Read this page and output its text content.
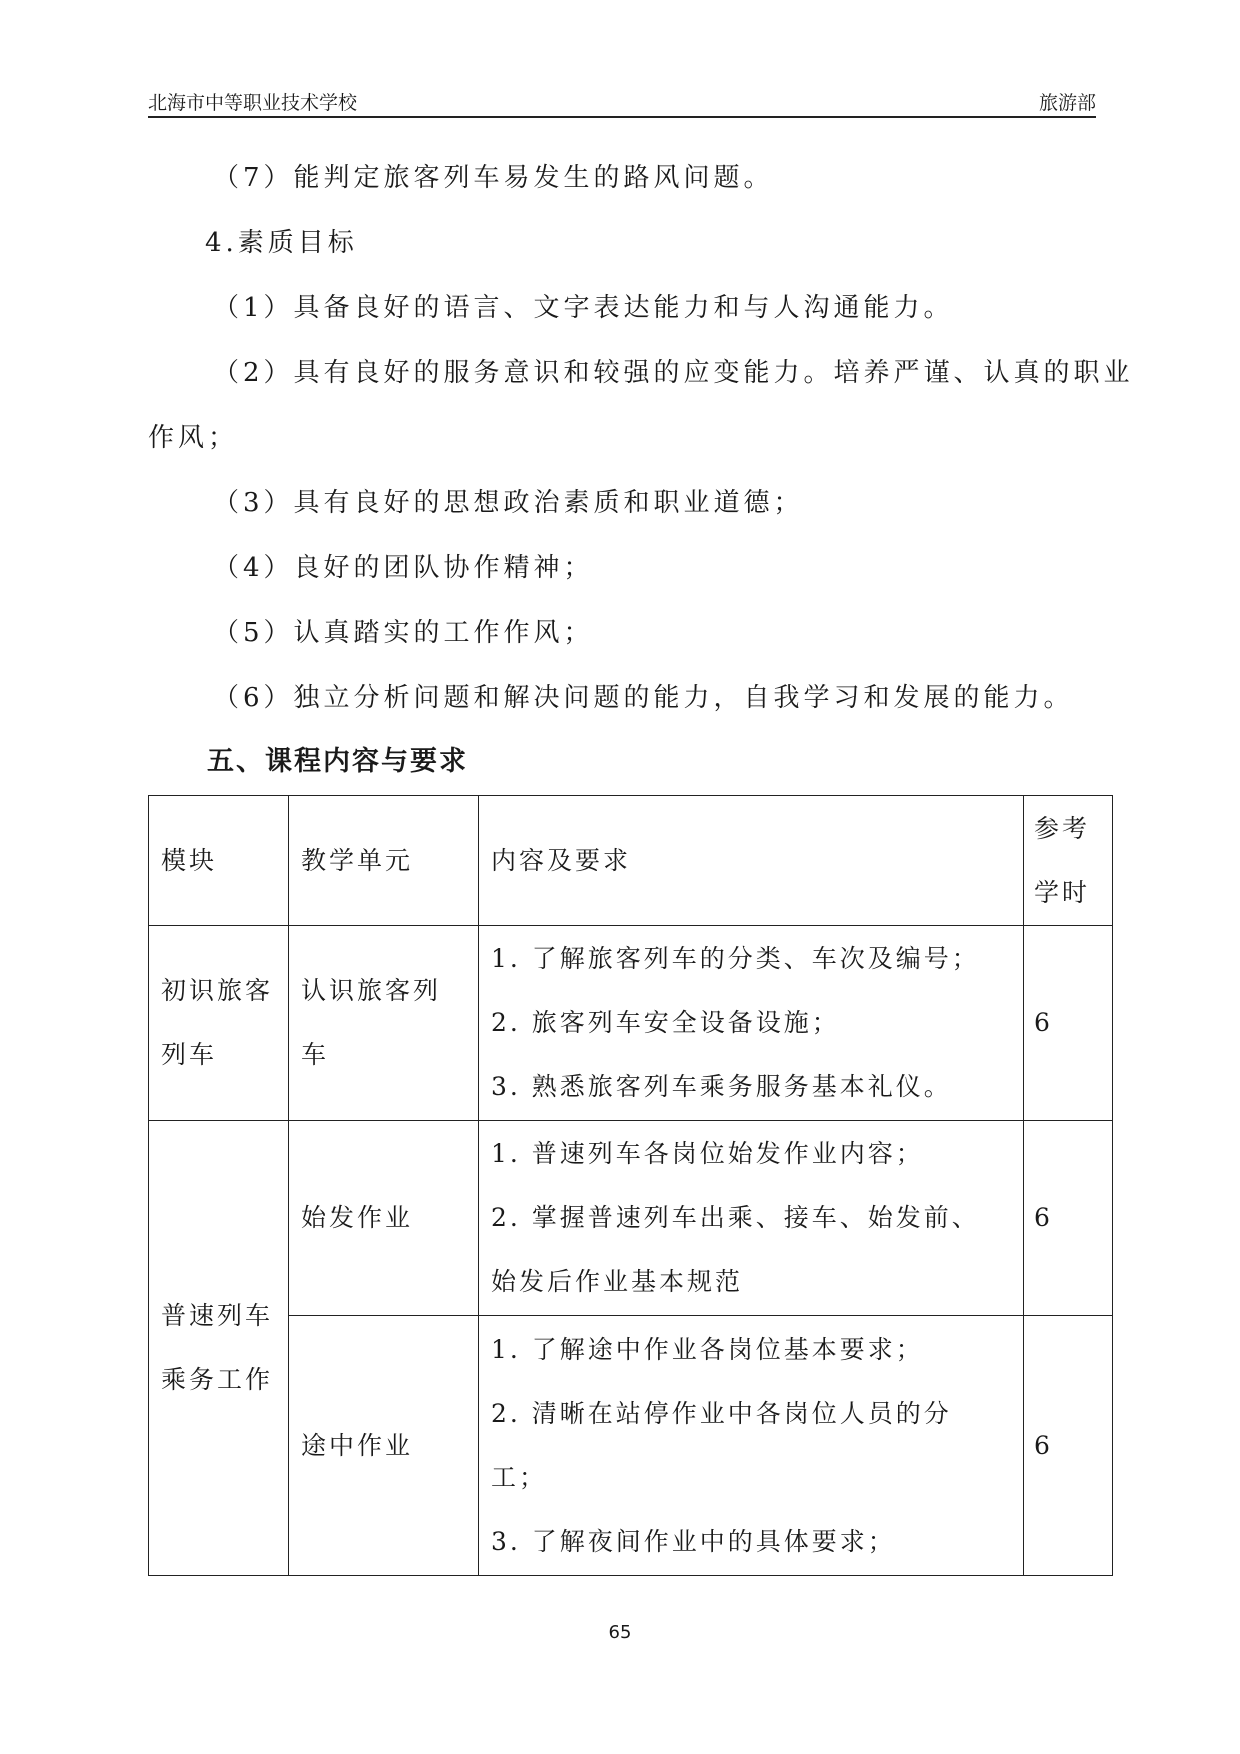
北海市中等职业技术学校	旅游部
（7）能判定旅客列车易发生的路风问题。
4.素质目标
（1）具备良好的语言、文字表达能力和与人沟通能力。
（2）具有良好的服务意识和较强的应变能力。培养严谨、认真的职业
作风；
（3）具有良好的思想政治素质和职业道德；
（4）良好的团队协作精神；
（5）认真踏实的工作作风；
（6）独立分析问题和解决问题的能力，自我学习和发展的能力。
五、课程内容与要求
模块	教学单元	内容及要求	参考
学时

初识旅客
列车	认识旅客列
车	1. 了解旅客列车的分类、车次及编号；
2. 旅客列车安全设备设施；
3. 熟悉旅客列车乘务服务基本礼仪。	6

普速列车
乘务工作	始发作业	1. 普速列车各岗位始发作业内容；
2. 掌握普速列车出乘、接车、始发前、
始发后作业基本规范	6

	途中作业	1. 了解途中作业各岗位基本要求；
2. 清晰在站停作业中各岗位人员的分
工；
3. 了解夜间作业中的具体要求；	6
65
